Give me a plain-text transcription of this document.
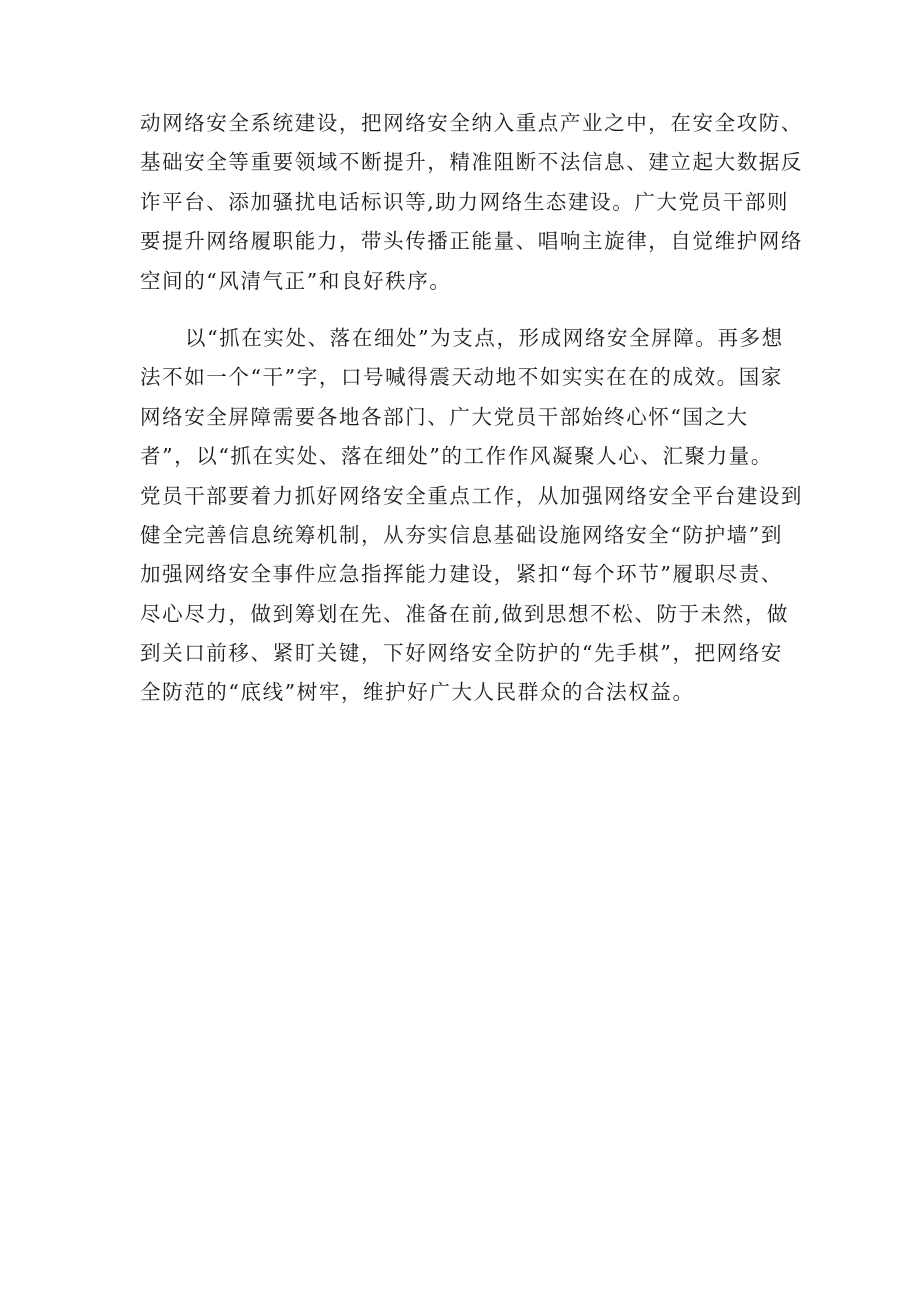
动网络安全系统建设，把网络安全纳入重点产业之中，在安全攻防、
基础安全等重要领域不断提升，精准阻断不法信息、建立起大数据反
诈平台、添加骚扰电话标识等,助力网络生态建设。广大党员干部则
要提升网络履职能力，带头传播正能量、唱响主旋律，自觉维护网络
空间的“风清气正”和良好秩序。
以“抓在实处、落在细处”为支点，形成网络安全屏障。再多想
法不如一个“干”字，口号喊得震天动地不如实实在在的成效。国家
网络安全屏障需要各地各部门、广大党员干部始终心怀“国之大
者”，以“抓在实处、落在细处”的工作作风凝聚人心、汇聚力量。
党员干部要着力抓好网络安全重点工作，从加强网络安全平台建设到
健全完善信息统筹机制，从夯实信息基础设施网络安全“防护墙”到
加强网络安全事件应急指挥能力建设，紧扣“每个环节”履职尽责、
尽心尽力，做到筹划在先、准备在前,做到思想不松、防于未然，做
到关口前移、紧盯关键，下好网络安全防护的“先手棋”，把网络安
全防范的“底线”树牢，维护好广大人民群众的合法权益。
